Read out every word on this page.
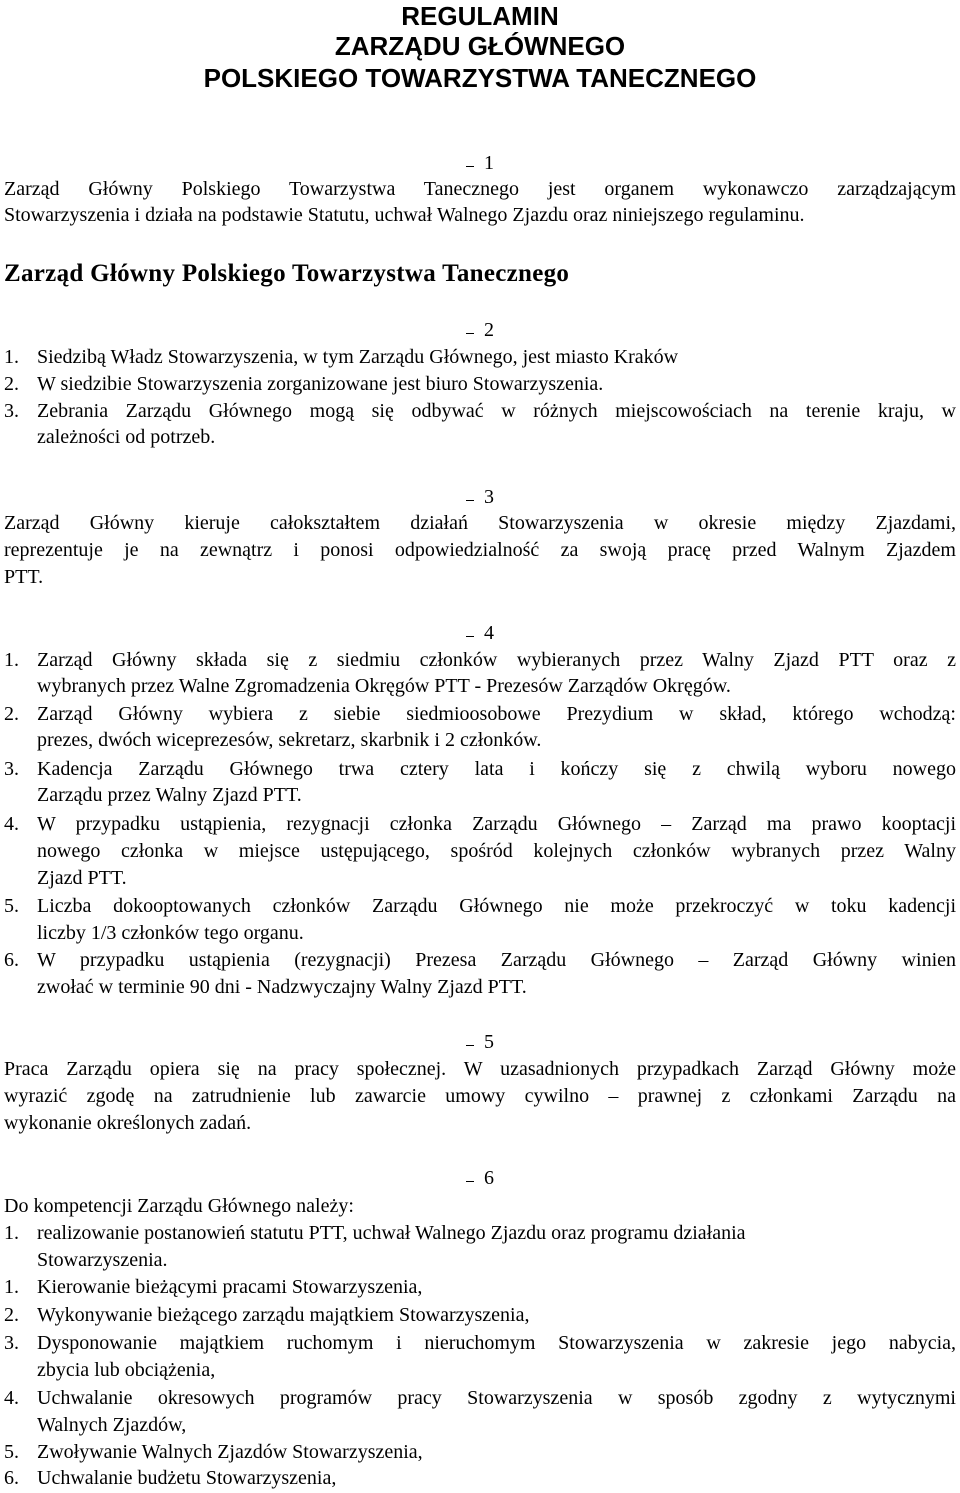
REGULAMIN
ZARZĄDU GŁÓWNEGO
POLSKIEGO TOWARZYSTWA TANECZNEGO
1
Zarząd Główny Polskiego Towarzystwa Tanecznego jest organem wykonawczo zarządzającym
Stowarzyszenia i działa na podstawie Statutu, uchwał Walnego Zjazdu oraz niniejszego regulaminu.
Zarząd Główny Polskiego Towarzystwa Tanecznego
2
1. Siedzibą Władz Stowarzyszenia, w tym Zarządu Głównego, jest miasto Kraków
2. W siedzibie Stowarzyszenia zorganizowane jest biuro Stowarzyszenia.
3. Zebrania Zarządu Głównego mogą się odbywać w różnych miejscowościach na terenie kraju, w
zależności od potrzeb.
3
Zarząd Główny kieruje całokształtem działań Stowarzyszenia w okresie między Zjazdami,
reprezentuje je na zewnątrz i ponosi odpowiedzialność za swoją pracę przed Walnym Zjazdem
PTT.
4
1. Zarząd Główny składa się z siedmiu członków wybieranych przez Walny Zjazd PTT oraz z
wybranych przez Walne Zgromadzenia Okręgów PTT - Prezesów Zarządów Okręgów.
2. Zarząd Główny wybiera z siebie siedmioosobowe Prezydium w skład, którego wchodzą:
prezes, dwóch wiceprezesów, sekretarz, skarbnik i 2 członków.
3. Kadencja Zarządu Głównego trwa cztery lata i kończy się z chwilą wyboru nowego
Zarządu przez Walny Zjazd PTT.
4. W przypadku ustąpienia, rezygnacji członka Zarządu Głównego – Zarząd ma prawo kooptacji
nowego członka w miejsce ustępującego, spośród kolejnych członków wybranych przez Walny
Zjazd PTT.
5. Liczba dokooptowanych członków Zarządu Głównego nie może przekroczyć w toku kadencji
liczby 1/3 członków tego organu.
6. W przypadku ustąpienia (rezygnacji) Prezesa Zarządu Głównego – Zarząd Główny winien
zwołać w terminie 90 dni - Nadzwyczajny Walny Zjazd PTT.
5
Praca Zarządu opiera się na pracy społecznej. W uzasadnionych przypadkach Zarząd Główny może
wyrazić zgodę na zatrudnienie lub zawarcie umowy cywilno – prawnej z członkami Zarządu na
wykonanie określonych zadań.
6
Do kompetencji Zarządu Głównego należy:
1. realizowanie postanowień statutu PTT, uchwał Walnego Zjazdu oraz programu działania
Stowarzyszenia.
1. Kierowanie bieżącymi pracami Stowarzyszenia,
2. Wykonywanie bieżącego zarządu majątkiem Stowarzyszenia,
3. Dysponowanie majątkiem ruchomym i nieruchomym Stowarzyszenia w zakresie jego nabycia,
zbycia lub obciążenia,
4. Uchwalanie okresowych programów pracy Stowarzyszenia w sposób zgodny z wytycznymi
Walnych Zjazdów,
5. Zwoływanie Walnych Zjazdów Stowarzyszenia,
6. Uchwalanie budżetu Stowarzyszenia,
